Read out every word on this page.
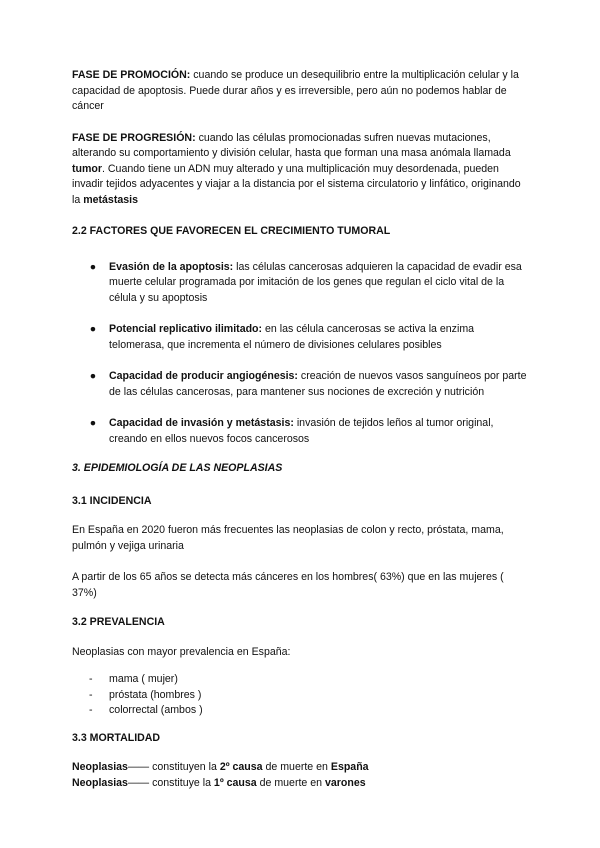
FASE DE PROMOCIÓN: cuando se produce un desequilibrio entre la multiplicación celular y la capacidad de apoptosis. Puede durar años y es irreversible, pero aún no podemos hablar de cáncer

FASE DE PROGRESIÓN: cuando las células promocionadas sufren nuevas mutaciones, alterando su comportamiento y división celular, hasta que forman una masa anómala llamada tumor. Cuando tiene un ADN muy alterado y una multiplicación muy desordenada, pueden invadir tejidos adyacentes y viajar a la distancia por el sistema circulatorio y linfático, originando la metástasis

2.2 FACTORES QUE FAVORECEN EL CRECIMIENTO TUMORAL
● Evasión de la apoptosis: las células cancerosas adquieren la capacidad de evadir esa muerte celular programada por imitación de los genes que regulan el ciclo vital de la célula y su apoptosis
● Potencial replicativo ilimitado: en las célula cancerosas se activa la enzima telomerasa, que incrementa el número de divisiones celulares posibles
● Capacidad de producir angiogénesis: creación de nuevos vasos sanguíneos por parte de las células cancerosas, para mantener sus nociones de excreción y nutrición
● Capacidad de invasión y metástasis: invasión de tejidos leños al tumor original, creando en ellos nuevos focos cancerosos
3. EPIDEMIOLOGÍA DE LAS NEOPLASIAS
3.1 INCIDENCIA

En España en 2020 fueron más frecuentes las neoplasias de colon y recto, próstata, mama, pulmón y vejiga urinaria

A partir de los 65 años se detecta más cánceres en los hombres( 63%) que en las mujeres ( 37%)

3.2 PREVALENCIA

Neoplasias con mayor prevalencia en España:

-	mama ( mujer)
-	próstata (hombres )
-	colorrectal (ambos )
3.3 MORTALIDAD

Neoplasias—— constituyen la 2º causa de muerte en España

Neoplasias—— constituye la 1º causa de muerte en varones
